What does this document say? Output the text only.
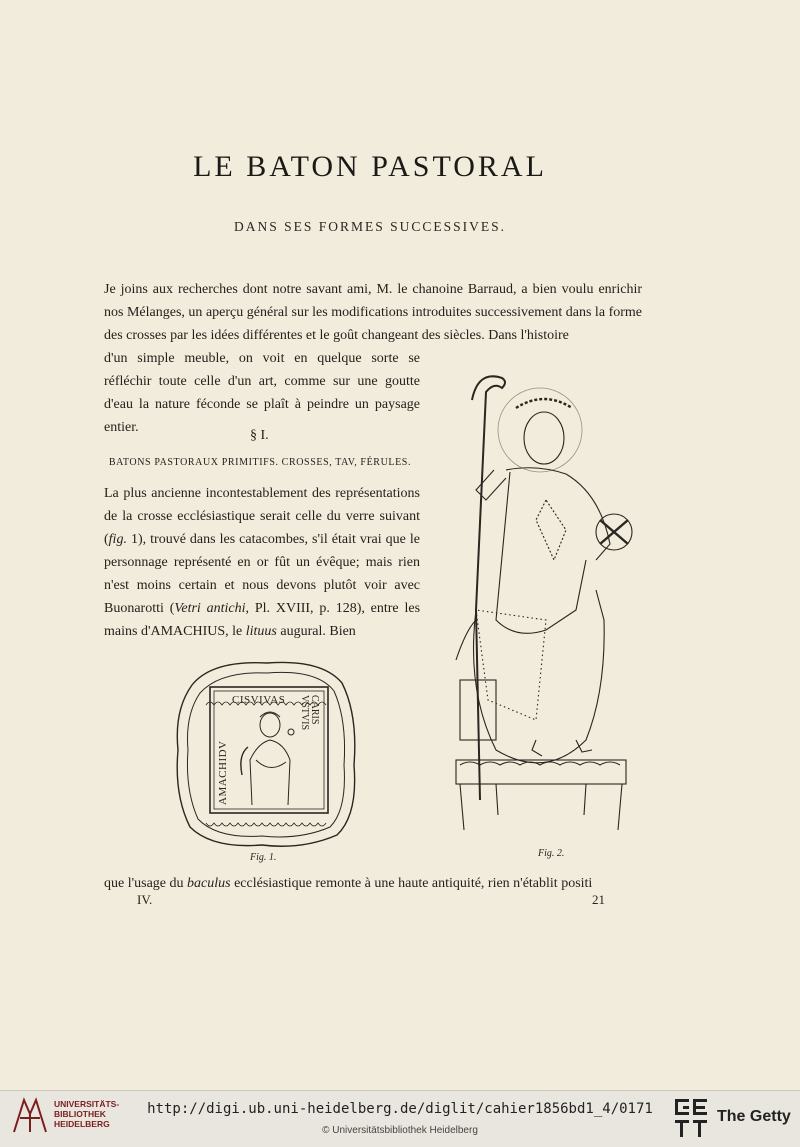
LE BATON PASTORAL
DANS SES FORMES SUCCESSIVES.
Je joins aux recherches dont notre savant ami, M. le chanoine Barraud, a bien voulu enrichir nos Mélanges, un aperçu général sur les modifications introduites successivement dans la forme des crosses par les idées différentes et le goût changeant des siècles. Dans l'histoire
d'un simple meuble, on voit en quelque sorte se réfléchir toute celle d'un art, comme sur une goutte d'eau la nature féconde se plaît à peindre un paysage entier.
§ I.
BATONS PASTORAUX PRIMITIFS. CROSSES, TAV, FÉRULES.
La plus ancienne incontestablement des représentations de la crosse ecclésiastique serait celle du verre suivant (fig. 1), trouvé dans les catacombes, s'il était vrai que le personnage représenté en or fût un évêque; mais rien n'est moins certain et nous devons plutôt voir avec Buonarotti (Vetri antichi, Pl. XVIII, p. 128), entre les mains d'AMACHIUS, le lituus augural. Bien
CISVIVAS
AMACHIDV
CARIS
VSTVIS
Fig. 1.	Fig. 2.
que l'usage du baculus ecclésiastique remonte à une haute antiquité, rien n'établit positi
IV.	21
UNIVERSITÄTS- BIBLIOTHEK HEIDELBERG
http://digi.ub.uni-heidelberg.de/diglit/cahier1856bd1_4/0171
© Universitätsbibliothek Heidelberg
The Getty
